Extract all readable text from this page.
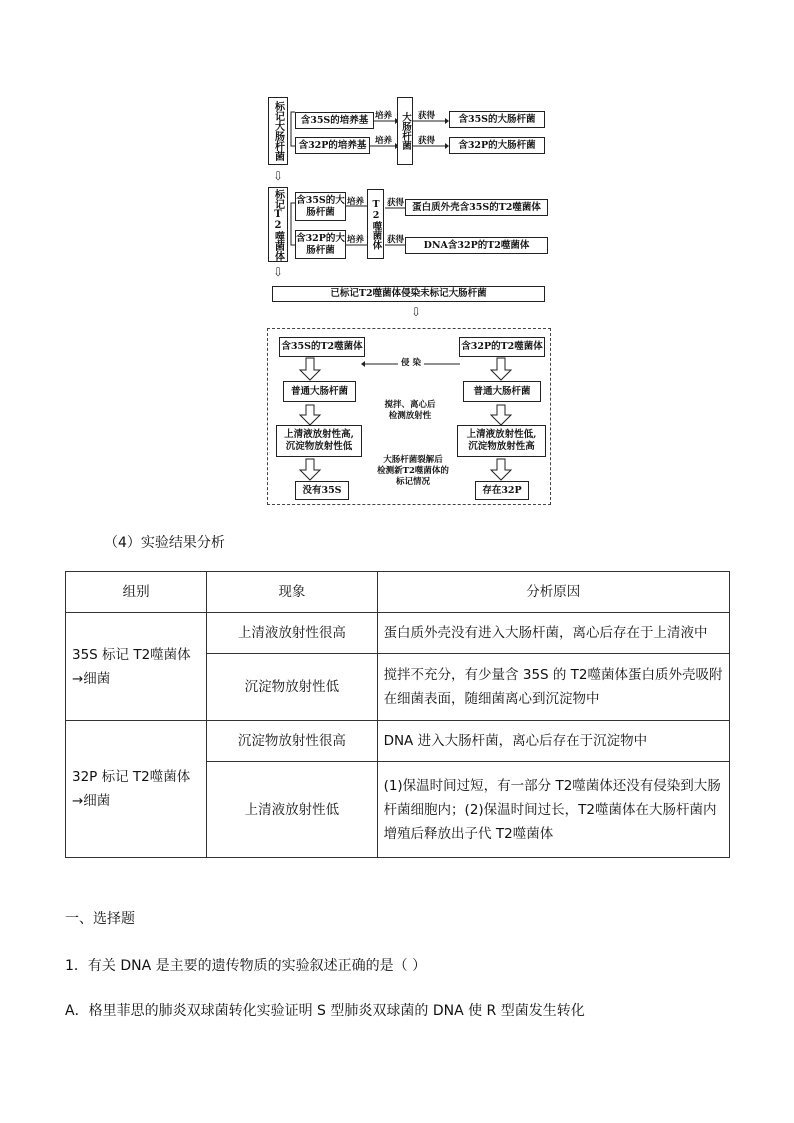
标记大肠杆菌 含35S的培养基
含32P的培养基
培养
培养 大肠杆菌 获得
获得
含35S的大肠杆菌
含32P的大肠杆菌
⇩
标记T2噬菌体 含35S的大肠杆菌
含32P的大肠杆菌
培养
培养 T2噬菌体 获得
获得
蛋白质外壳含35S的T2噬菌体
DNA含32P的T2噬菌体
⇩
已标记T2噬菌体侵染未标记大肠杆菌
⇩
含35S的T2噬菌体	含32P的T2噬菌体
侵 染
普通大肠杆菌	普通大肠杆菌
搅拌、离心后
检测放射性
上清液放射性高,
沉淀物放射性低
上清液放射性低,
沉淀物放射性高
大肠杆菌裂解后
检测新T2噬菌体的
标记情况
没有35S	存在32P
（4）实验结果分析
组别	现象	分析原因
35S 标记 T2噬菌体→细菌	上清液放射性很高	蛋白质外壳没有进入大肠杆菌，离心后存在于上清液中
	沉淀物放射性低	搅拌不充分，有少量含 35S 的 T2噬菌体蛋白质外壳吸附在细菌表面，随细菌离心到沉淀物中
32P 标记 T2噬菌体→细菌	沉淀物放射性很高	DNA 进入大肠杆菌，离心后存在于沉淀物中
	上清液放射性低	(1)保温时间过短，有一部分 T2噬菌体还没有侵染到大肠杆菌细胞内；(2)保温时间过长，T2噬菌体在大肠杆菌内增殖后释放出子代 T2噬菌体
一、选择题
1．有关 DNA 是主要的遗传物质的实验叙述正确的是（ ）
A．格里菲思的肺炎双球菌转化实验证明 S 型肺炎双球菌的 DNA 使 R 型菌发生转化
